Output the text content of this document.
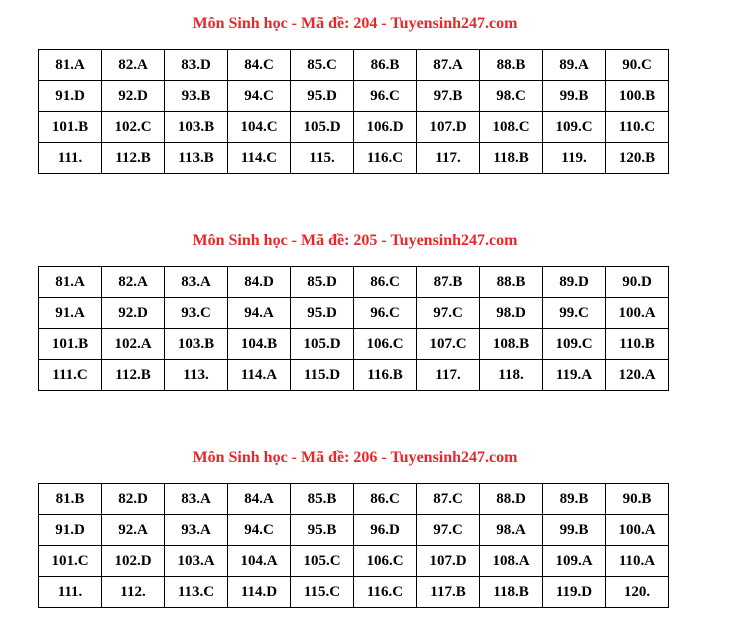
Môn Sinh học - Mã đề: 204 - Tuyensinh247.com
81.A	82.A	83.D	84.C	85.C	86.B	87.A	88.B	89.A	90.C
91.D	92.D	93.B	94.C	95.D	96.C	97.B	98.C	99.B	100.B
101.B	102.C	103.B	104.C	105.D	106.D	107.D	108.C	109.C	110.C
111.	112.B	113.B	114.C	115.	116.C	117.	118.B	119.	120.B
Môn Sinh học - Mã đề: 205 - Tuyensinh247.com
81.A	82.A	83.A	84.D	85.D	86.C	87.B	88.B	89.D	90.D
91.A	92.D	93.C	94.A	95.D	96.C	97.C	98.D	99.C	100.A
101.B	102.A	103.B	104.B	105.D	106.C	107.C	108.B	109.C	110.B
111.C	112.B	113.	114.A	115.D	116.B	117.	118.	119.A	120.A
Môn Sinh học - Mã đề: 206 - Tuyensinh247.com
81.B	82.D	83.A	84.A	85.B	86.C	87.C	88.D	89.B	90.B
91.D	92.A	93.A	94.C	95.B	96.D	97.C	98.A	99.B	100.A
101.C	102.D	103.A	104.A	105.C	106.C	107.D	108.A	109.A	110.A
111.	112.	113.C	114.D	115.C	116.C	117.B	118.B	119.D	120.
